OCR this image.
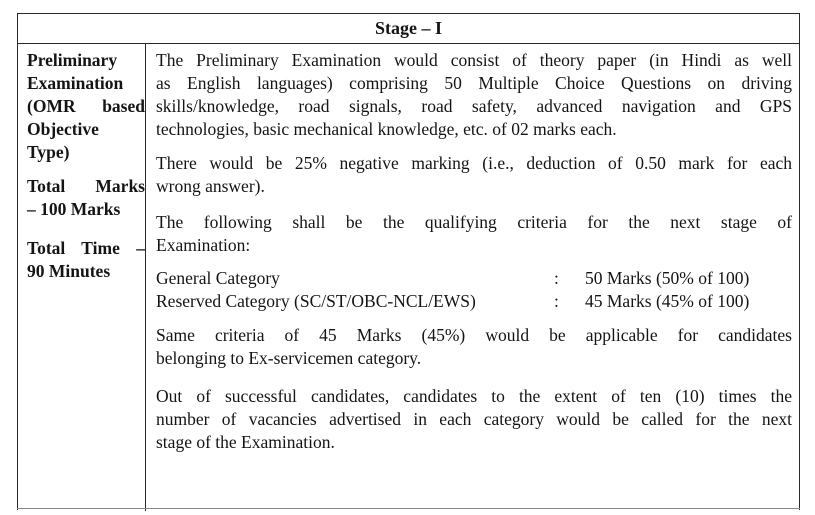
Stage – I
Preliminary
Examination
(OMR based
Objective
Type)
Total Marks
– 100 Marks
Total Time –
90 Minutes
The Preliminary Examination would consist of theory paper (in Hindi as well
as English languages) comprising 50 Multiple Choice Questions on driving
skills/knowledge, road signals, road safety, advanced navigation and GPS
technologies, basic mechanical knowledge, etc. of 02 marks each.
There would be 25% negative marking (i.e., deduction of 0.50 mark for each
wrong answer).
The following shall be the qualifying criteria for the next stage of
Examination:
General Category	: 50 Marks (50% of 100)
Reserved Category (SC/ST/OBC-NCL/EWS)	: 45 Marks (45% of 100)
Same criteria of 45 Marks (45%) would be applicable for candidates
belonging to Ex-servicemen category.
Out of successful candidates, candidates to the extent of ten (10) times the
number of vacancies advertised in each category would be called for the next
stage of the Examination.
